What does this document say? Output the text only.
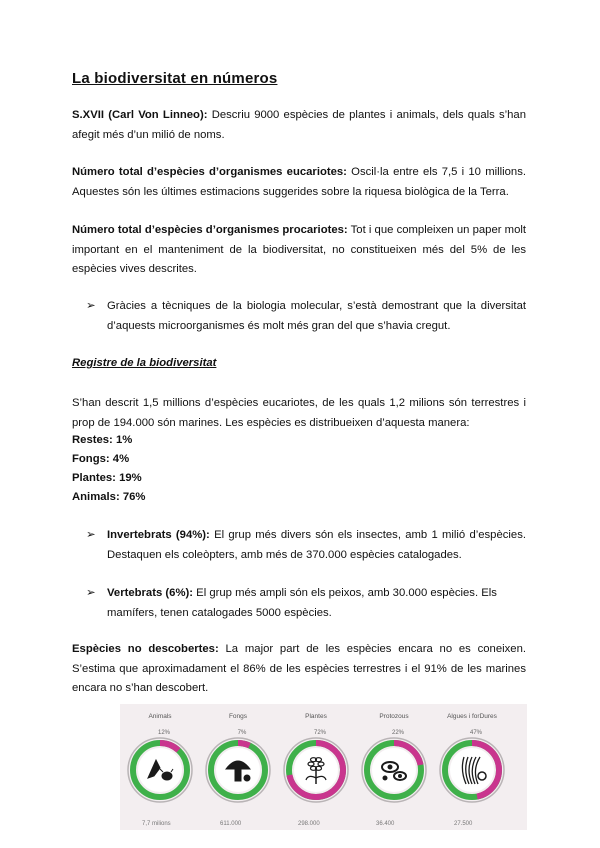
La biodiversitat en números
S.XVII (Carl Von Linneo): Descriu 9000 espècies de plantes i animals, dels quals s’han afegit més d’un milió de noms.
Número total d’espècies d’organismes eucariotes: Oscil·la entre els 7,5 i 10 millions. Aquestes són les últimes estimacions suggerides sobre la riquesa biològica de la Terra.
Número total d’espècies d’organismes procariotes: Tot i que compleixen un paper molt important en el manteniment de la biodiversitat, no constitueixen més del 5% de les espècies vives descrites.
➢ Gràcies a tècniques de la biologia molecular, s’està demostrant que la diversitat d’aquests microorganismes és molt més gran del que s’havia cregut.
Registre de la biodiversitat
S’han descrit 1,5 millions d’espècies eucariotes, de les quals 1,2 milions són terrestres i prop de 194.000 són marines. Les espècies es distribueixen d’aquesta manera:
Restes: 1%
Fongs: 4%
Plantes: 19%
Animals: 76%
➢ Invertebrats (94%): El grup més divers són els insectes, amb 1 milió d’espècies. Destaquen els coleòpters, amb més de 370.000 espècies catalogades.
➢ Vertebrats (6%): El grup més ampli són els peixos, amb 30.000 espècies. Els mamífers, tenen catalogades 5000 espècies.
Espècies no descobertes: La major part de les espècies encara no es coneixen. S’estima que aproximadament el 86% de les espècies terrestres i el 91% de les marines encara no s’han descobert.
Animals
12%
7,7 milions
Fongs
7%
611.000
Plantes
72%
298.000
Protozous
22%
36.400
Algues i forDures
47%
27.500
